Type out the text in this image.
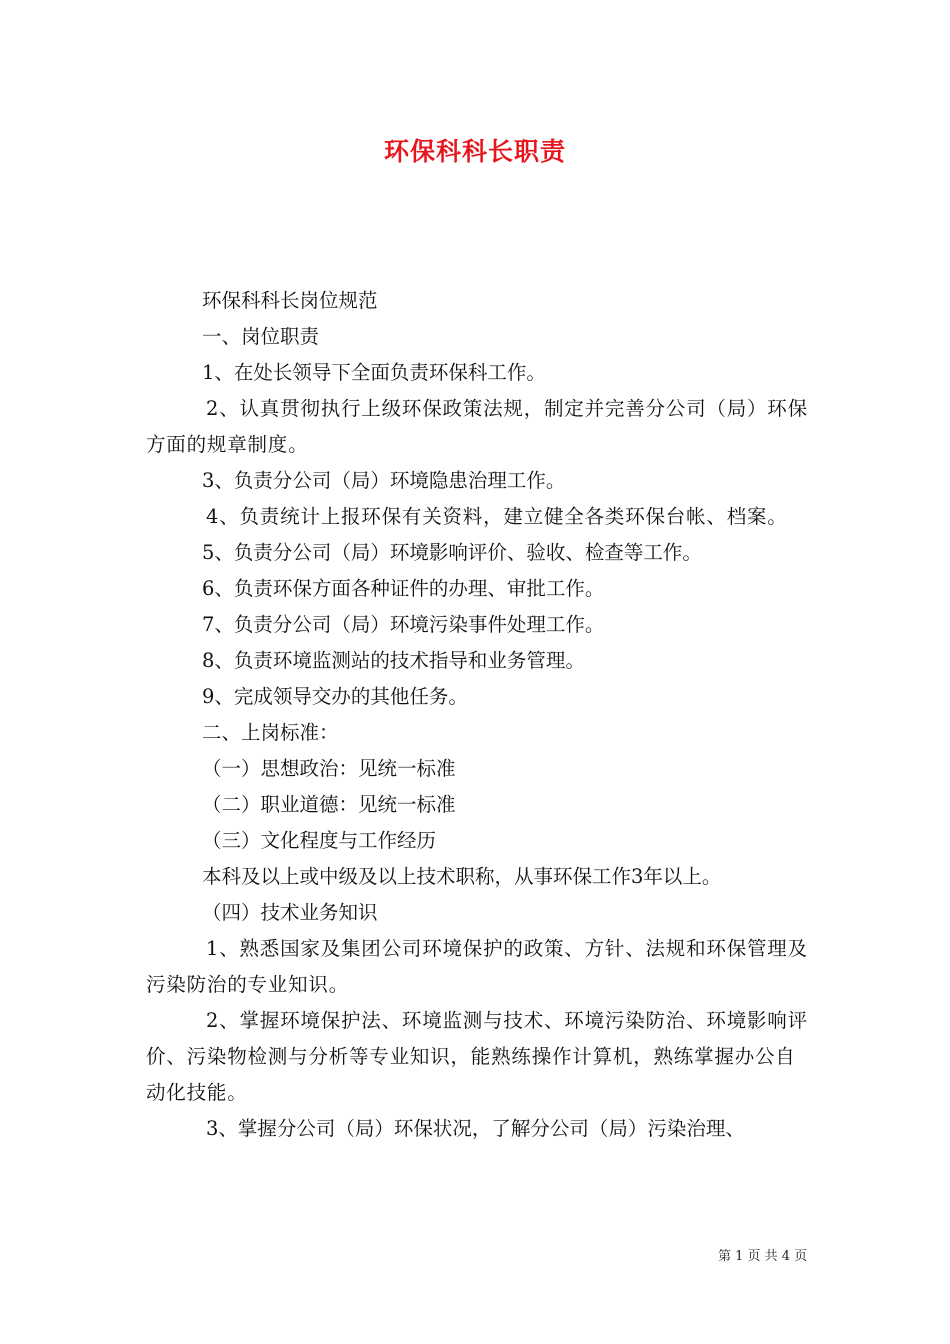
环保科科长职责

环保科科长岗位规范

一、岗位职责

1、在处长领导下全面负责环保科工作。

2、认真贯彻执行上级环保政策法规，制定并完善分公司（局）环保方面的规章制度。

3、负责分公司（局）环境隐患治理工作。

4、负责统计上报环保有关资料，建立健全各类环保台帐、档案。

5、负责分公司（局）环境影响评价、验收、检查等工作。

6、负责环保方面各种证件的办理、审批工作。

7、负责分公司（局）环境污染事件处理工作。

8、负责环境监测站的技术指导和业务管理。

9、完成领导交办的其他任务。

二、上岗标准：

（一）思想政治：见统一标准

（二）职业道德：见统一标准

（三）文化程度与工作经历

本科及以上或中级及以上技术职称，从事环保工作3年以上。

（四）技术业务知识

1、熟悉国家及集团公司环境保护的政策、方针、法规和环保管理及污染防治的专业知识。

2、掌握环境保护法、环境监测与技术、环境污染防治、环境影响评价、污染物检测与分析等专业知识，能熟练操作计算机，熟练掌握办公自动化技能。

3、掌握分公司（局）环保状况，了解分公司（局）污染治理、

第 1 页 共 4 页
